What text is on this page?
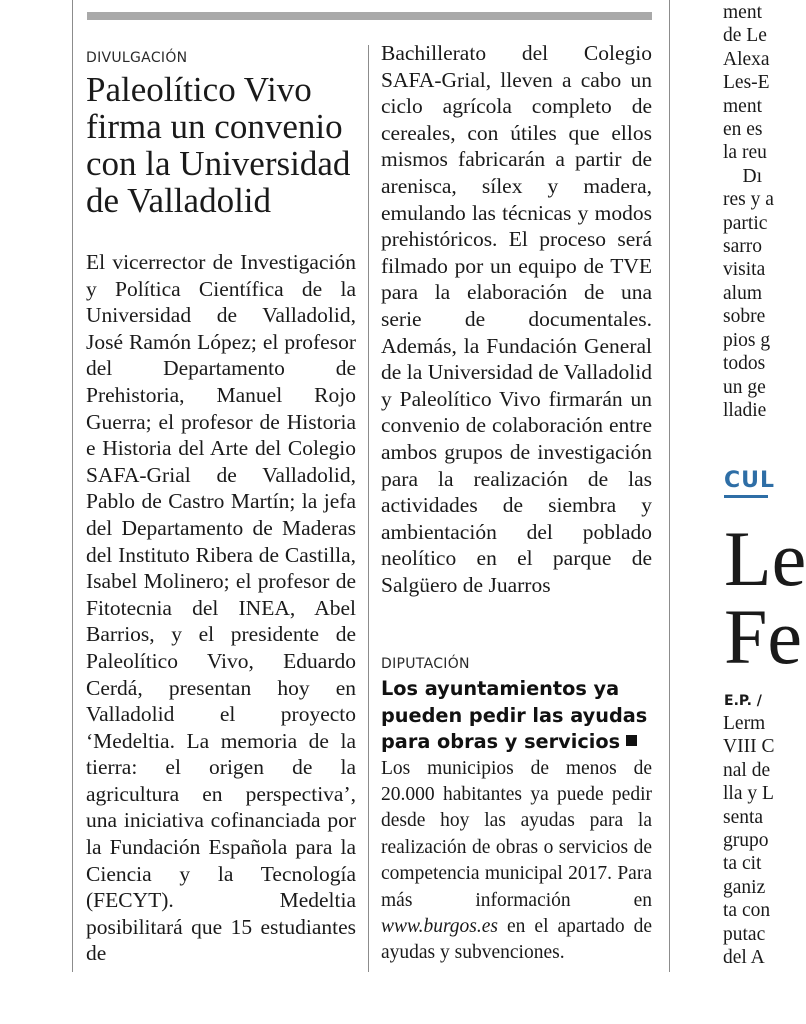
DIVULGACIÓN
Paleolítico Vivo firma un convenio con la Universidad de Valladolid

El vicerrector de Investigación y Política Científica de la Universidad de Valladolid, José Ramón López; el profesor del Departamento de Prehistoria, Manuel Rojo Guerra; el profesor de Historia e Historia del Arte del Colegio SAFA-Grial de Valladolid, Pablo de Castro Martín; la jefa del Departamento de Maderas del Instituto Ribera de Castilla, Isabel Molinero; el profesor de Fitotecnia del INEA, Abel Barrios, y el presidente de Paleolítico Vivo, Eduardo Cerdá, presentan hoy en Valladolid el proyecto ‘Medeltia. La memoria de la tierra: el origen de la agricultura en perspectiva’, una iniciativa cofinanciada por la Fundación Española para la Ciencia y la Tecnología (FECYT). Medeltia posibilitará que 15 estudiantes de

Bachillerato del Colegio SAFA-Grial, lleven a cabo un ciclo agrícola completo de cereales, con útiles que ellos mismos fabricarán a partir de arenisca, sílex y madera, emulando las técnicas y modos prehistóricos. El proceso será filmado por un equipo de TVE para la elaboración de una serie de documentales. Además, la Fundación General de la Universidad de Valladolid y Paleolítico Vivo firmarán un convenio de colaboración entre ambos grupos de investigación para la realización de las actividades de siembra y ambientación del poblado neolítico en el parque de Salgüero de Juarros

DIPUTACIÓN
Los ayuntamientos ya pueden pedir las ayudas para obras y servicios

Los municipios de menos de 20.000 habitantes ya puede pedir desde hoy las ayudas para la realización de obras o servicios de competencia municipal 2017. Para más información en www.burgos.es en el apartado de ayudas y subvenciones.

ment
de Le
Alexa
Les-E
ment
en es
la reu
Dı
res y a
partic
sarro
visita
alum
sobre
pios g
todos
un ge
lladie
CUL
Le
Fe
E.P. /
Lerm
VIII C
nal de
lla y L
senta
grupo
ta cit
ganiz
ta con
putac
del A
